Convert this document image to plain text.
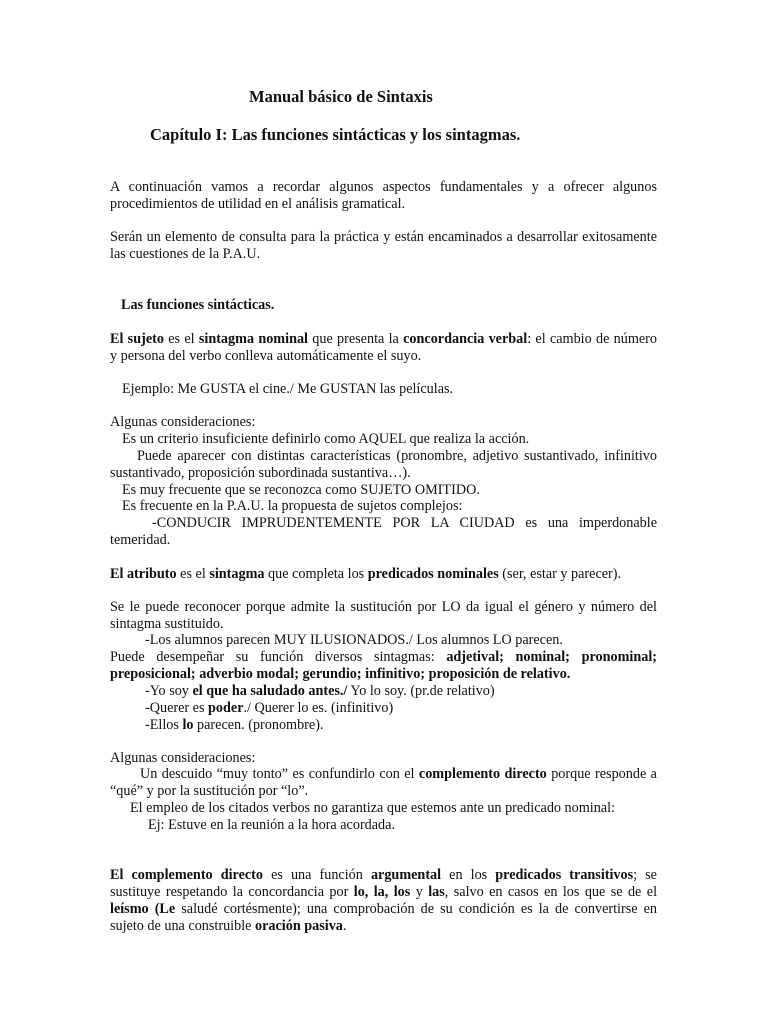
Manual básico de Sintaxis
Capítulo I: Las funciones sintácticas y los sintagmas.
A continuación vamos a recordar algunos aspectos fundamentales y a ofrecer algunos procedimientos de utilidad en el análisis gramatical.
Serán un elemento de consulta para la práctica y están encaminados a desarrollar exitosamente las cuestiones de la P.A.U.
Las funciones sintácticas.
El sujeto es el sintagma nominal que presenta la concordancia verbal: el cambio de número y persona del verbo conlleva automáticamente el suyo.
Ejemplo: Me GUSTA el cine./ Me GUSTAN las películas.
Algunas consideraciones:
Es un criterio insuficiente definirlo como AQUEL que realiza la acción.
Puede aparecer con distintas características (pronombre, adjetivo sustantivado, infinitivo sustantivado, proposición subordinada sustantiva…).
Es muy frecuente que se reconozca como SUJETO OMITIDO.
Es frecuente en la P.A.U. la propuesta de sujetos complejos:
-CONDUCIR IMPRUDENTEMENTE POR LA CIUDAD es una imperdonable temeridad.
El atributo es el sintagma que completa los predicados nominales (ser, estar y parecer).
Se le puede reconocer porque admite la sustitución por LO da igual el género y número del sintagma sustituido.
-Los alumnos parecen MUY ILUSIONADOS./ Los alumnos LO parecen.
Puede desempeñar su función diversos sintagmas: adjetival; nominal; pronominal; preposicional; adverbio modal; gerundio; infinitivo; proposición de relativo.
-Yo soy el que ha saludado antes./ Yo lo soy. (pr.de relativo)
-Querer es poder./ Querer lo es. (infinitivo)
-Ellos lo parecen. (pronombre).
Algunas consideraciones:
Un descuido “muy tonto” es confundirlo con el complemento directo porque responde a “qué” y por la sustitución por “lo”.
El empleo de los citados verbos no garantiza que estemos ante un predicado nominal:
Ej: Estuve en la reunión a la hora acordada.
El complemento directo es una función argumental en los predicados transitivos; se sustituye respetando la concordancia por lo, la, los y las, salvo en casos en los que se de el leísmo (Le saludé cortésmente); una comprobación de su condición es la de convertirse en sujeto de una construible oración pasiva.
